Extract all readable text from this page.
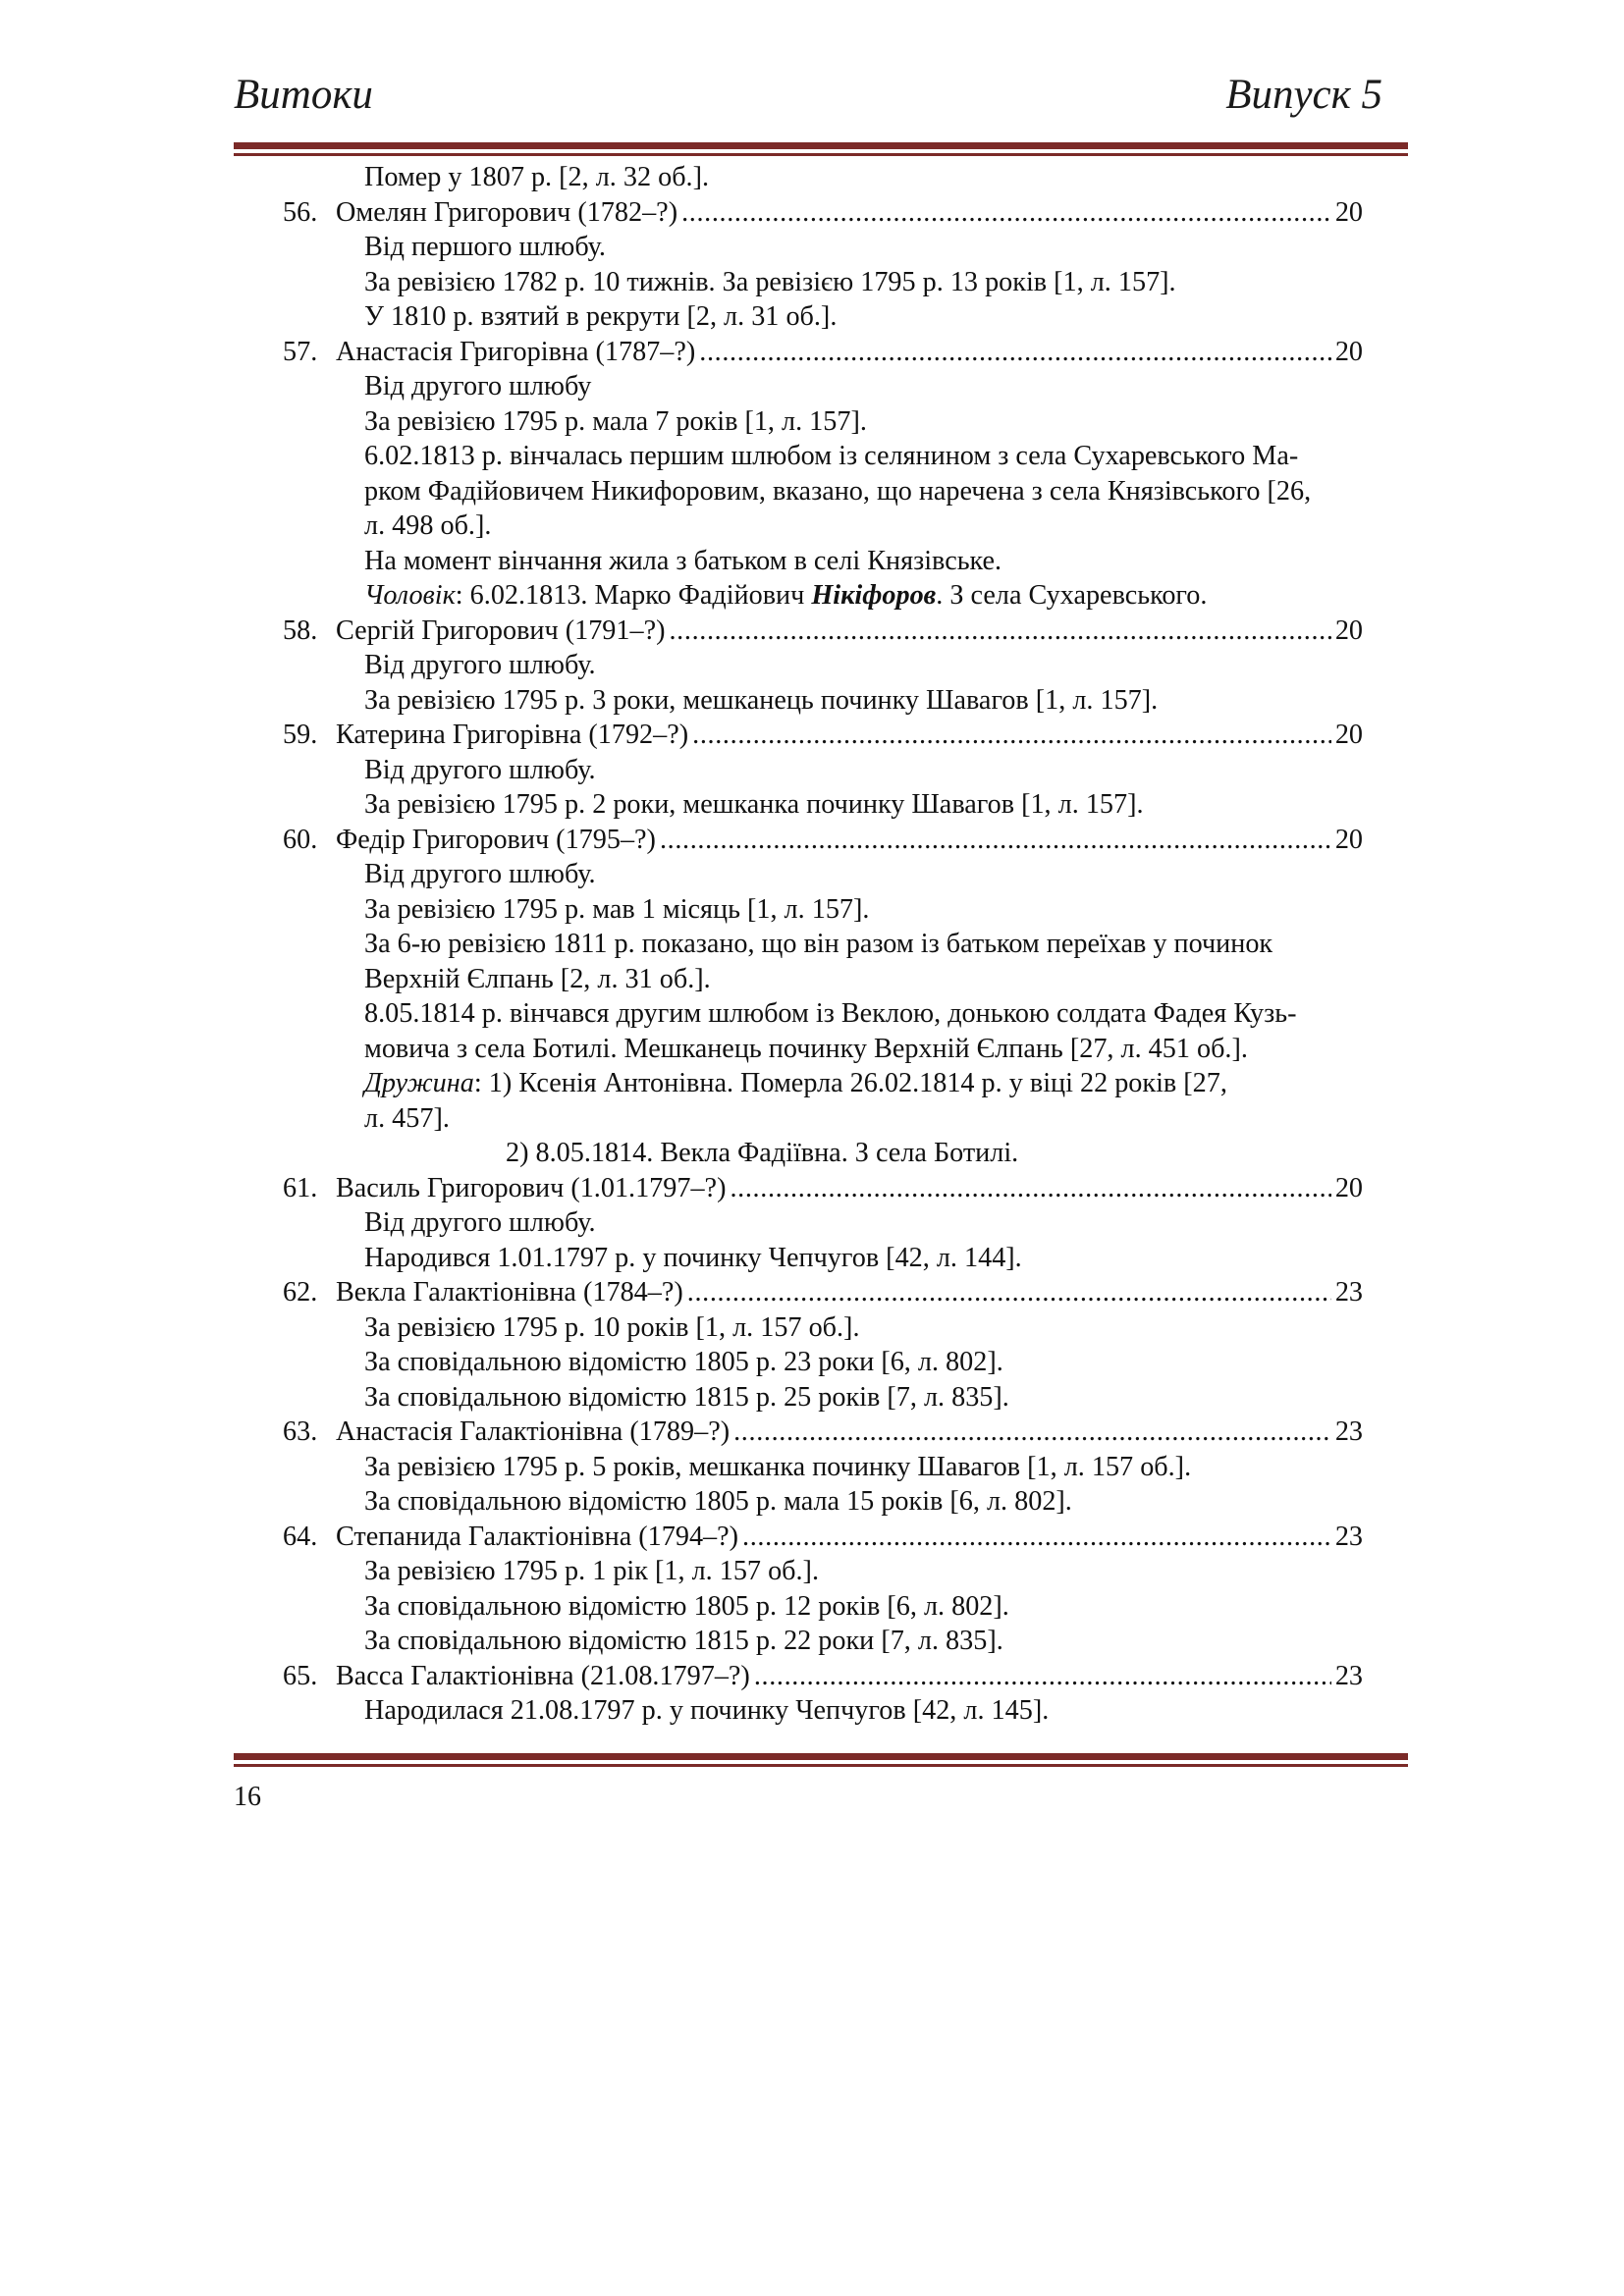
Витоки	Випуск 5

Помер у 1807 р. [2, л. 32 об.].

56. Омелян Григорович (1782–?) . . .	20

Від першого шлюбу.

За ревізією 1782 р. 10 тижнів. За ревізією 1795 р. 13 років [1, л. 157].

У 1810 р. взятий в рекрути [2, л. 31 об.].

57. Анастасія Григорівна (1787–?) . . .	20

Від другого шлюбу

За ревізією 1795 р. мала 7 років [1, л. 157].

6.02.1813 р. вінчалась першим шлюбом із селянином з села Сухаревського Ма-

рком Фадійовичем Никифоровим, вказано, що наречена з села Князівського [26,

л. 498 об.].

На момент вінчання жила з батьком в селі Князівське.

Чоловік: 6.02.1813. Марко Фадійович Нікіфоров. З села Сухаревського.

58. Сергій Григорович (1791–?) . . .	20

Від другого шлюбу.

За ревізією 1795 р. 3 роки, мешканець починку Шавагов [1, л. 157].

59. Катерина Григорівна (1792–?) . . .	20

Від другого шлюбу.

За ревізією 1795 р. 2 роки, мешканка починку Шавагов [1, л. 157].

60. Федір Григорович (1795–?) . . .	20

Від другого шлюбу.

За ревізією 1795 р. мав 1 місяць [1, л. 157].

За 6-ю ревізією 1811 р. показано, що він разом із батьком переїхав у починок

Верхній Єлпань [2, л. 31 об.].

8.05.1814 р. вінчався другим шлюбом із Веклою, донькою солдата Фадея Кузь-

мовича з села Ботилі. Мешканець починку Верхній Єлпань [27, л. 451 об.].

Дружина: 1) Ксенія Антонівна. Померла 26.02.1814 р. у віці 22 років [27,

л. 457].

2) 8.05.1814. Векла Фадіївна. З села Ботилі.

61. Василь Григорович (1.01.1797–?) . . .	20

Від другого шлюбу.

Народився 1.01.1797 р. у починку Чепчугов [42, л. 144].

62. Векла Галактіонівна (1784–?) . . .	23

За ревізією 1795 р. 10 років [1, л. 157 об.].

За сповідальною відомістю 1805 р. 23 роки [6, л. 802].

За сповідальною відомістю 1815 р. 25 років [7, л. 835].

63. Анастасія Галактіонівна (1789–?) . . .	23

За ревізією 1795 р. 5 років, мешканка починку Шавагов [1, л. 157 об.].

За сповідальною відомістю 1805 р. мала 15 років [6, л. 802].

64. Степанида Галактіонівна (1794–?) . . .	23

За ревізією 1795 р. 1 рік [1, л. 157 об.].

За сповідальною відомістю 1805 р. 12 років [6, л. 802].

За сповідальною відомістю 1815 р. 22 роки [7, л. 835].

65. Васса Галактіонівна (21.08.1797–?) . . .	23

Народилася 21.08.1797 р. у починку Чепчугов [42, л. 145].

16
